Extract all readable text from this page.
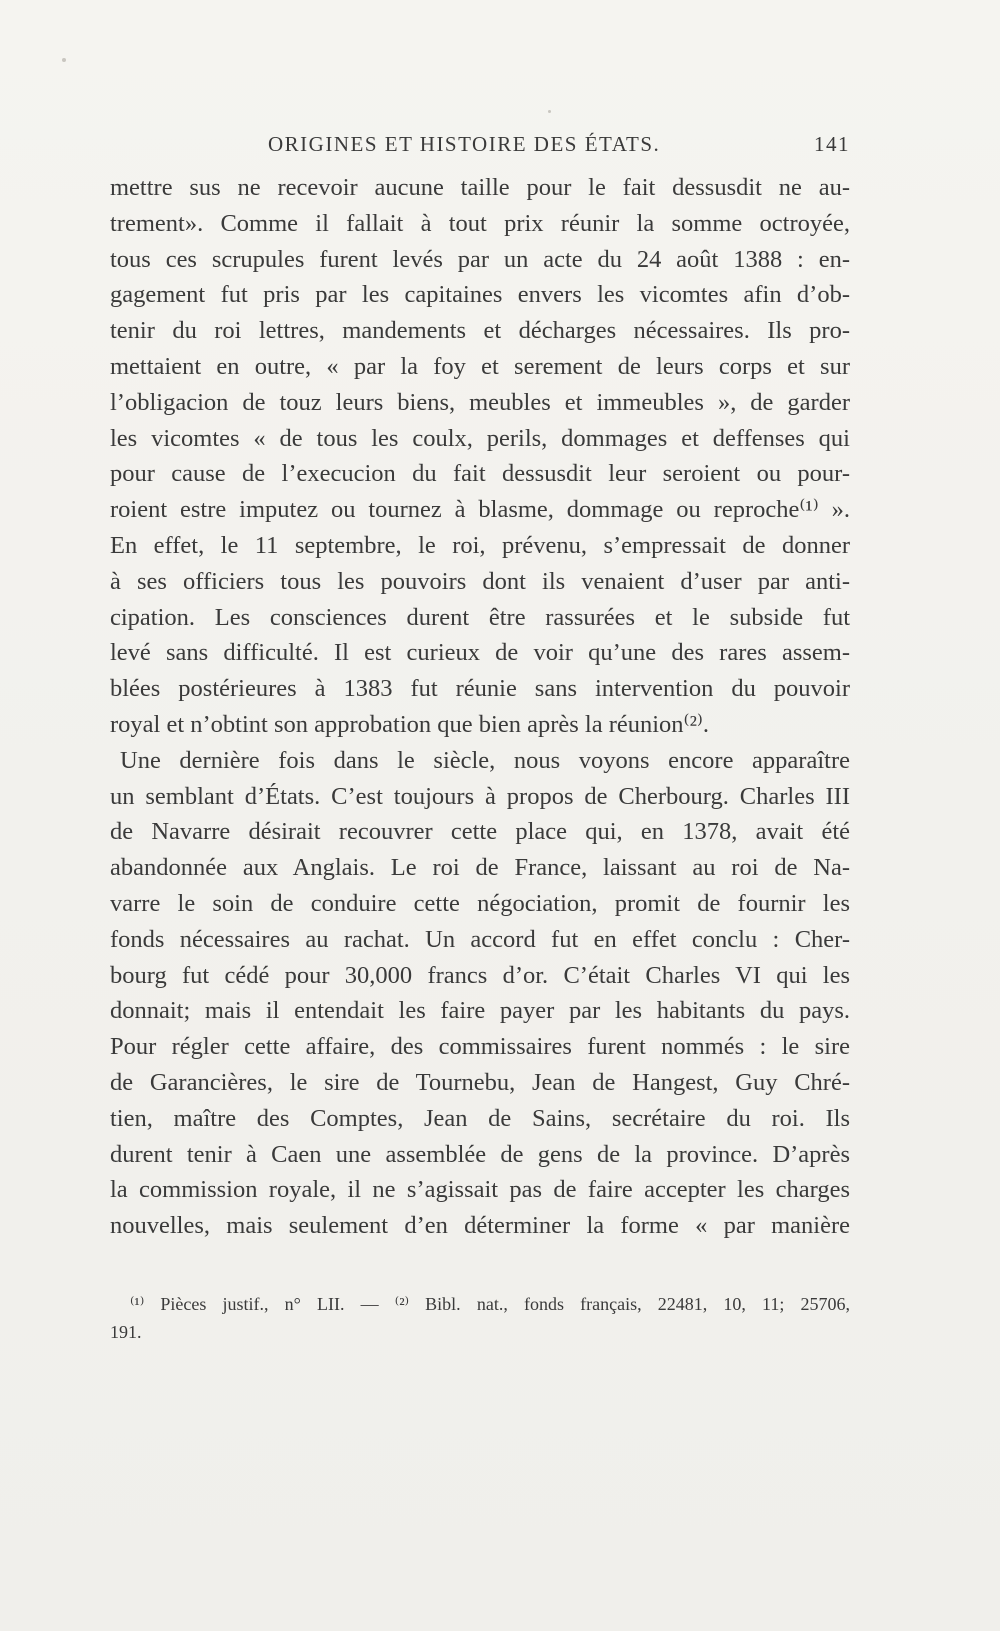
ORIGINES ET HISTOIRE DES ÉTATS.	141
mettre sus ne recevoir aucune taille pour le fait dessusdit ne au-
trement». Comme il fallait à tout prix réunir la somme octroyée,
tous ces scrupules furent levés par un acte du 24 août 1388 : en-
gagement fut pris par les capitaines envers les vicomtes afin d’ob-
tenir du roi lettres, mandements et décharges nécessaires. Ils pro-
mettaient en outre, « par la foy et serement de leurs corps et sur
l’obligacion de touz leurs biens, meubles et immeubles », de garder
les vicomtes « de tous les coulx, perils, dommages et deffenses qui
pour cause de l’execucion du fait dessusdit leur seroient ou pour-
roient estre imputez ou tournez à blasme, dommage ou reproche⁽¹⁾ ».
En effet, le 11 septembre, le roi, prévenu, s’empressait de donner
à ses officiers tous les pouvoirs dont ils venaient d’user par anti-
cipation. Les consciences durent être rassurées et le subside fut
levé sans difficulté. Il est curieux de voir qu’une des rares assem-
blées postérieures à 1383 fut réunie sans intervention du pouvoir
royal et n’obtint son approbation que bien après la réunion⁽²⁾.
Une dernière fois dans le siècle, nous voyons encore apparaître
un semblant d’États. C’est toujours à propos de Cherbourg. Charles III
de Navarre désirait recouvrer cette place qui, en 1378, avait été
abandonnée aux Anglais. Le roi de France, laissant au roi de Na-
varre le soin de conduire cette négociation, promit de fournir les
fonds nécessaires au rachat. Un accord fut en effet conclu : Cher-
bourg fut cédé pour 30,000 francs d’or. C’était Charles VI qui les
donnait; mais il entendait les faire payer par les habitants du pays.
Pour régler cette affaire, des commissaires furent nommés : le sire
de Garancières, le sire de Tournebu, Jean de Hangest, Guy Chré-
tien, maître des Comptes, Jean de Sains, secrétaire du roi. Ils
durent tenir à Caen une assemblée de gens de la province. D’après
la commission royale, il ne s’agissait pas de faire accepter les charges
nouvelles, mais seulement d’en déterminer la forme « par manière
⁽¹⁾ Pièces justif., n° LII. — ⁽²⁾ Bibl. nat., fonds français, 22481, 10, 11; 25706,
191.
